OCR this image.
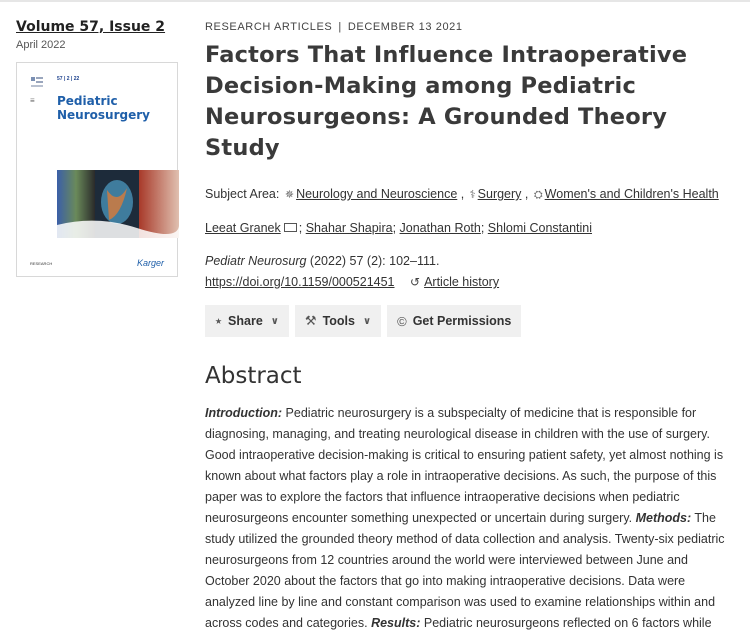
Volume 57, Issue 2
April 2022
57 | 2 | 22
≡ Pediatric
Neurosurgery
RESEARCH	Karger
RESEARCH ARTICLES | DECEMBER 13 2021
Factors That Influence Intraoperative Decision-Making among Pediatric Neurosurgeons: A Grounded Theory Study
Subject Area: ✵ Neurology and Neuroscience , ⚕ Surgery , ⛭ Women's and Children's Health
Leeat Granek ; Shahar Shapira; Jonathan Roth; Shlomi Constantini
Pediatr Neurosurg (2022) 57 (2): 102–111.
https://doi.org/10.1159/000521451 ↺ Article history
⭑ Share ∨ ⚒ Tools ∨ © Get Permissions
Abstract

Introduction: Pediatric neurosurgery is a subspecialty of medicine that is responsible for diagnosing, managing, and treating neurological disease in children with the use of surgery. Good intraoperative decision-making is critical to ensuring patient safety, yet almost nothing is known about what factors play a role in intraoperative decisions. As such, the purpose of this paper was to explore the factors that influence intraoperative decisions when pediatric neurosurgeons encounter something unexpected or uncertain during surgery. Methods: The study utilized the grounded theory method of data collection and analysis. Twenty-six pediatric neurosurgeons from 12 countries around the world were interviewed between June and October 2020 about the factors that go into making intraoperative decisions. Data were analyzed line by line and constant comparison was used to examine relationships within and across codes and categories. Results: Pediatric neurosurgeons reflected on 6 factors while
